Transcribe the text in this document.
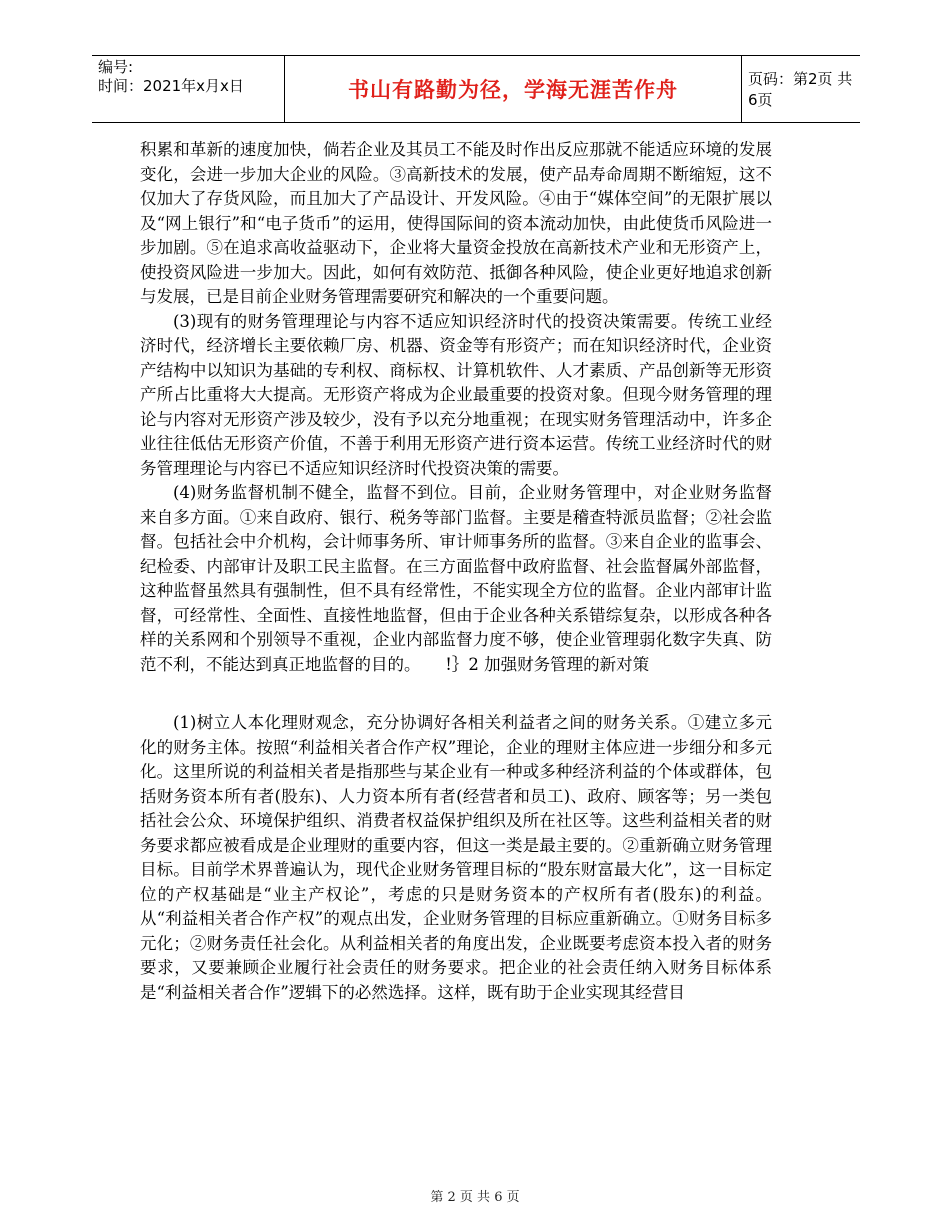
编号:
时间：2021年x月x日	书山有路勤为径，学海无涯苦作舟	页码：第2页 共6页

积累和革新的速度加快，倘若企业及其员工不能及时作出反应那就不能适应环境的发展变化，会进一步加大企业的风险。③高新技术的发展，使产品寿命周期不断缩短，这不仅加大了存货风险，而且加大了产品设计、开发风险。④由于“媒体空间”的无限扩展以及“网上银行”和“电子货币”的运用，使得国际间的资本流动加快，由此使货币风险进一步加剧。⑤在追求高收益驱动下，企业将大量资金投放在高新技术产业和无形资产上，使投资风险进一步加大。因此，如何有效防范、抵御各种风险，使企业更好地追求创新与发展，已是目前企业财务管理需要研究和解决的一个重要问题。

(3)现有的财务管理理论与内容不适应知识经济时代的投资决策需要。传统工业经济时代，经济增长主要依赖厂房、机器、资金等有形资产；而在知识经济时代，企业资产结构中以知识为基础的专利权、商标权、计算机软件、人才素质、产品创新等无形资产所占比重将大大提高。无形资产将成为企业最重要的投资对象。但现今财务管理的理论与内容对无形资产涉及较少，没有予以充分地重视；在现实财务管理活动中，许多企业往往低估无形资产价值，不善于利用无形资产进行资本运营。传统工业经济时代的财务管理理论与内容已不适应知识经济时代投资决策的需要。

(4)财务监督机制不健全，监督不到位。目前，企业财务管理中，对企业财务监督来自多方面。①来自政府、银行、税务等部门监督。主要是稽查特派员监督；②社会监督。包括社会中介机构，会计师事务所、审计师事务所的监督。③来自企业的监事会、纪检委、内部审计及职工民主监督。在三方面监督中政府监督、社会监督属外部监督，这种监督虽然具有强制性，但不具有经常性，不能实现全方位的监督。企业内部审计监督，可经常性、全面性、直接性地监督，但由于企业各种关系错综复杂，以形成各种各样的关系网和个别领导不重视，企业内部监督力度不够，使企业管理弱化数字失真、防范不利，不能达到真正地监督的目的。　　!｝2 加强财务管理的新对策

(1)树立人本化理财观念，充分协调好各相关利益者之间的财务关系。①建立多元化的财务主体。按照“利益相关者合作产权”理论，企业的理财主体应进一步细分和多元化。这里所说的利益相关者是指那些与某企业有一种或多种经济利益的个体或群体，包括财务资本所有者(股东)、人力资本所有者(经营者和员工)、政府、顾客等；另一类包括社会公众、环境保护组织、消费者权益保护组织及所在社区等。这些利益相关者的财务要求都应被看成是企业理财的重要内容，但这一类是最主要的。②重新确立财务管理目标。目前学术界普遍认为，现代企业财务管理目标的“股东财富最大化”，这一目标定位的产权基础是“业主产权论”，考虑的只是财务资本的产权所有者(股东)的利益。从“利益相关者合作产权”的观点出发，企业财务管理的目标应重新确立。①财务目标多元化；②财务责任社会化。从利益相关者的角度出发，企业既要考虑资本投入者的财务要求，又要兼顾企业履行社会责任的财务要求。把企业的社会责任纳入财务目标体系是“利益相关者合作”逻辑下的必然选择。这样，既有助于企业实现其经营目

第 2 页 共 6 页
